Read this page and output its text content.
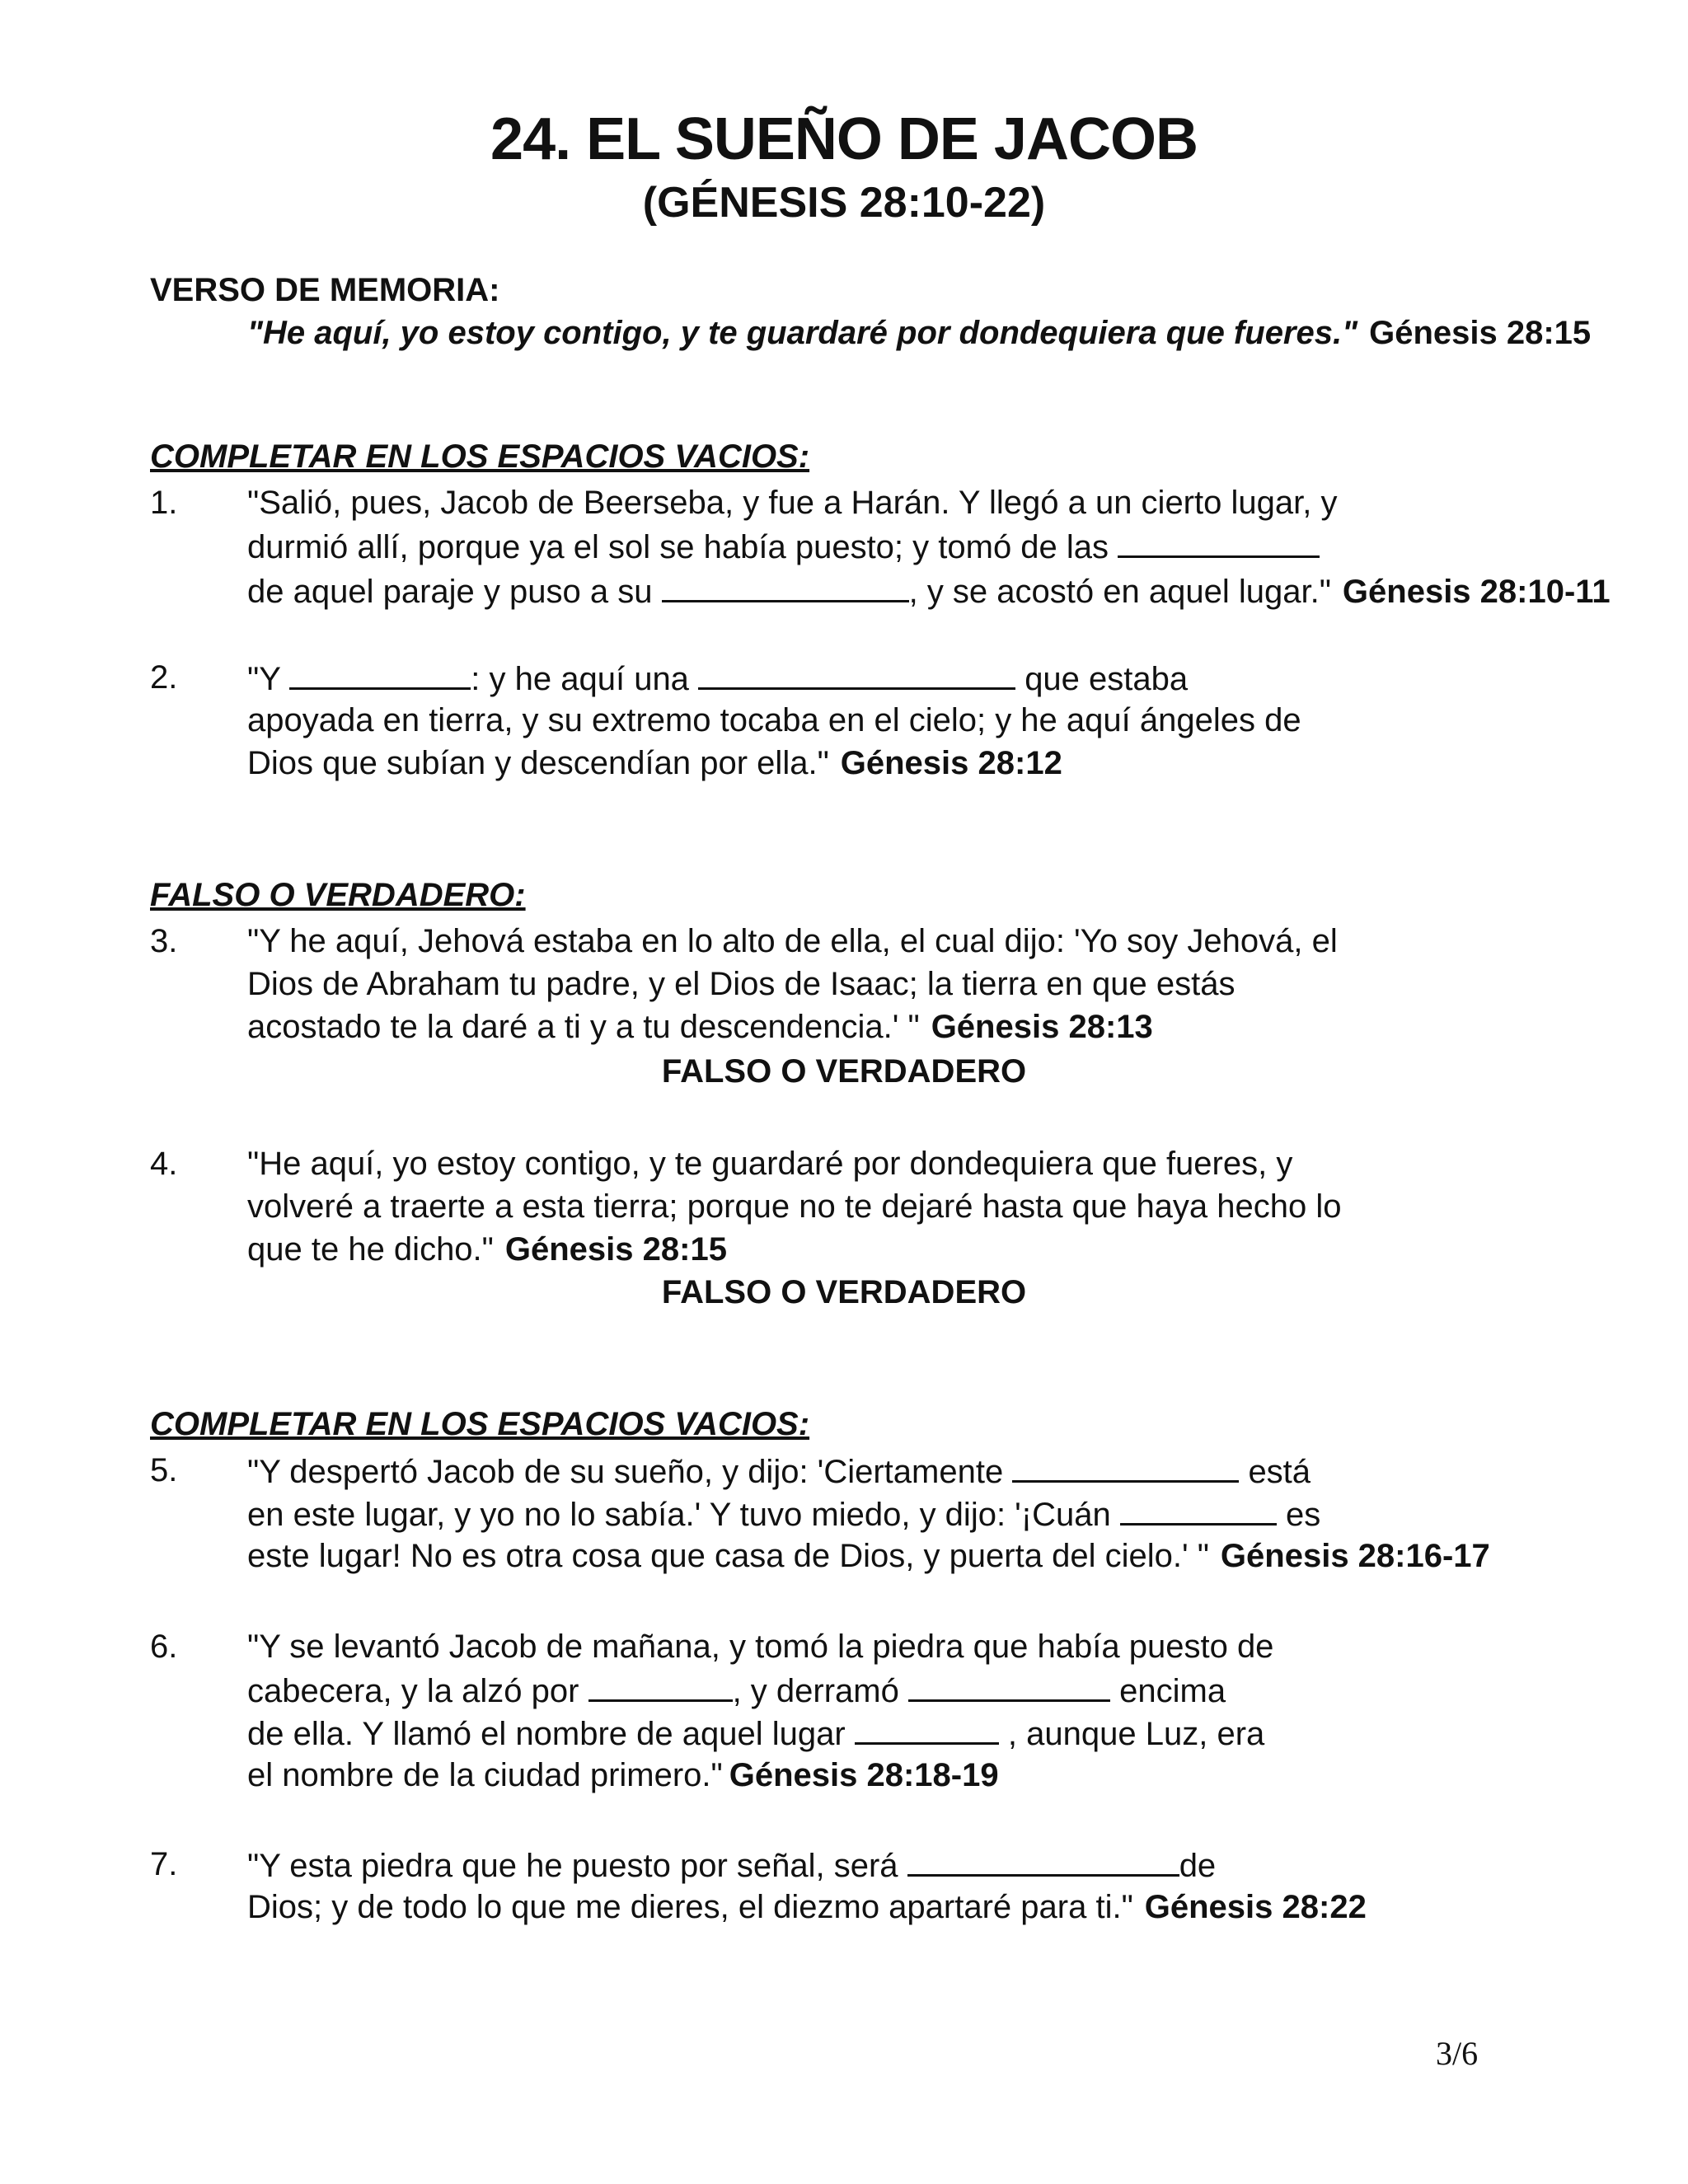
24. EL SUEÑO DE JACOB
(GÉNESIS 28:10-22)
VERSO DE MEMORIA:
"He aquí, yo estoy contigo, y te guardaré por dondequiera que fueres." Génesis 28:15
COMPLETAR EN LOS ESPACIOS VACIOS:
1. "Salió, pues, Jacob de Beerseba, y fue a Harán. Y llegó a un cierto lugar, y
durmió allí, porque ya el sol se había puesto; y tomó de las
de aquel paraje y puso a su	, y se acostó en aquel lugar." Génesis 28:10-11
2. "Y	: y he aquí una	que estaba
apoyada en tierra, y su extremo tocaba en el cielo; y he aquí ángeles de
Dios que subían y descendían por ella." Génesis 28:12
FALSO O VERDADERO:
3. "Y he aquí, Jehová estaba en lo alto de ella, el cual dijo: 'Yo soy Jehová, el
Dios de Abraham tu padre, y el Dios de Isaac; la tierra en que estás
acostado te la daré a ti y a tu descendencia.' " Génesis 28:13
FALSO O VERDADERO
4. "He aquí, yo estoy contigo, y te guardaré por dondequiera que fueres, y
volveré a traerte a esta tierra; porque no te dejaré hasta que haya hecho lo
que te he dicho." Génesis 28:15
FALSO O VERDADERO
COMPLETAR EN LOS ESPACIOS VACIOS:
5. "Y despertó Jacob de su sueño, y dijo: 'Ciertamente	está
en este lugar, y yo no lo sabía.' Y tuvo miedo, y dijo: '¡Cuán	es
este lugar! No es otra cosa que casa de Dios, y puerta del cielo.' " Génesis 28:16-17
6. "Y se levantó Jacob de mañana, y tomó la piedra que había puesto de
cabecera, y la alzó por	, y derramó	encima
de ella. Y llamó el nombre de aquel lugar	, aunque Luz, era
el nombre de la ciudad primero." Génesis 28:18-19
7. "Y esta piedra que he puesto por señal, será	de
Dios; y de todo lo que me dieres, el diezmo apartaré para ti." Génesis 28:22
3/6
